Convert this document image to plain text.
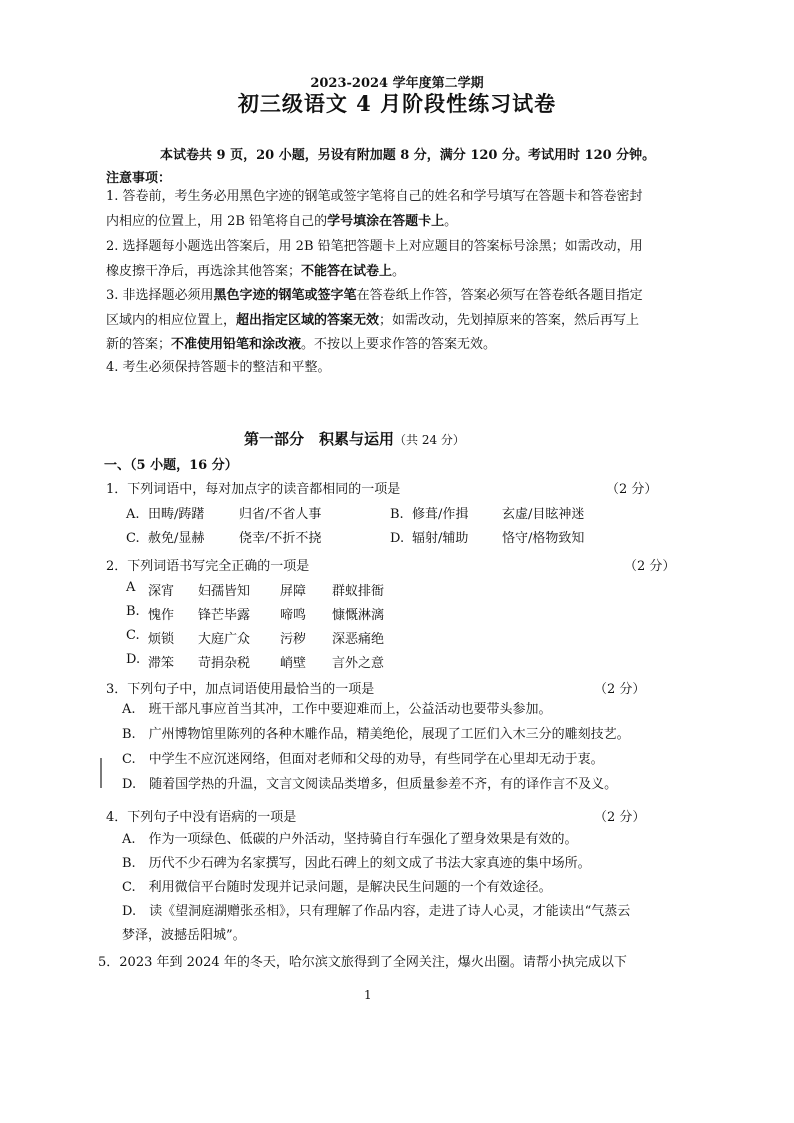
2023-2024 学年度第二学期
初三级语文 4 月阶段性练习试卷
本试卷共 9 页，20 小题，另设有附加题 8 分，满分 120 分。考试用时 120 分钟。
注意事项：
1. 答卷前，考生务必用黑色字迹的钢笔或签字笔将自己的姓名和学号填写在答题卡和答卷密封内相应的位置上，用 2B 铅笔将自己的学号填涂在答题卡上。
2. 选择题每小题选出答案后，用 2B 铅笔把答题卡上对应题目的答案标号涂黑；如需改动，用橡皮擦干净后，再选涂其他答案；不能答在试卷上。
3. 非选择题必须用黑色字迹的钢笔或签字笔在答卷纸上作答，答案必须写在答卷纸各题目指定区域内的相应位置上，超出指定区域的答案无效；如需改动，先划掉原来的答案，然后再写上新的答案；不准使用铅笔和涂改液。不按以上要求作答的答案无效。
4. 考生必须保持答题卡的整洁和平整。
第一部分　积累与运用（共 24 分）
一、（5 小题，16 分）
1．下列词语中，每对加点字的读音都相同的一项是	（2 分）
A. 田畴/踌躇	归省/不省人事	B. 修葺/作揖	玄虚/目眩神迷
C. 赦免/显赫	侥幸/不折不挠	D. 辐射/辅助	恪守/格物致知
2．下列词语书写完全正确的一项是	（2 分）
A 深宵 妇孺皆知 屏障 群蚁排衙
B. 愧作 锋芒毕露 啼鸣 慷慨淋漓
C. 烦锁 大庭广众 污秽 深恶痛绝
D. 滞笨 苛捐杂税 峭壁 言外之意
3．下列句子中，加点词语使用最恰当的一项是	（2 分）
A.　班干部凡事应首当其冲，工作中要迎难而上，公益活动也要带头参加。
B.　广州博物馆里陈列的各种木雕作品，精美绝伦，展现了工匠们入木三分的雕刻技艺。
C.　中学生不应沉迷网络，但面对老师和父母的劝导，有些同学在心里却无动于衷。
D.　随着国学热的升温，文言文阅读品类增多，但质量参差不齐，有的译作言不及义。
4．下列句子中没有语病的一项是	（2 分）
A.　作为一项绿色、低碳的户外活动，坚持骑自行车强化了塑身效果是有效的。
B.　历代不少石碑为名家撰写，因此石碑上的刻文成了书法大家真迹的集中场所。
C.　利用微信平台随时发现并记录问题，是解决民生问题的一个有效途径。
D.　读《望洞庭湖赠张丞相》，只有理解了作品内容，走进了诗人心灵，才能读出“气蒸云梦泽，波撼岳阳城”。
5．2023 年到 2024 年的冬天，哈尔滨文旅得到了全网关注，爆火出圈。请帮小执完成以下
1
